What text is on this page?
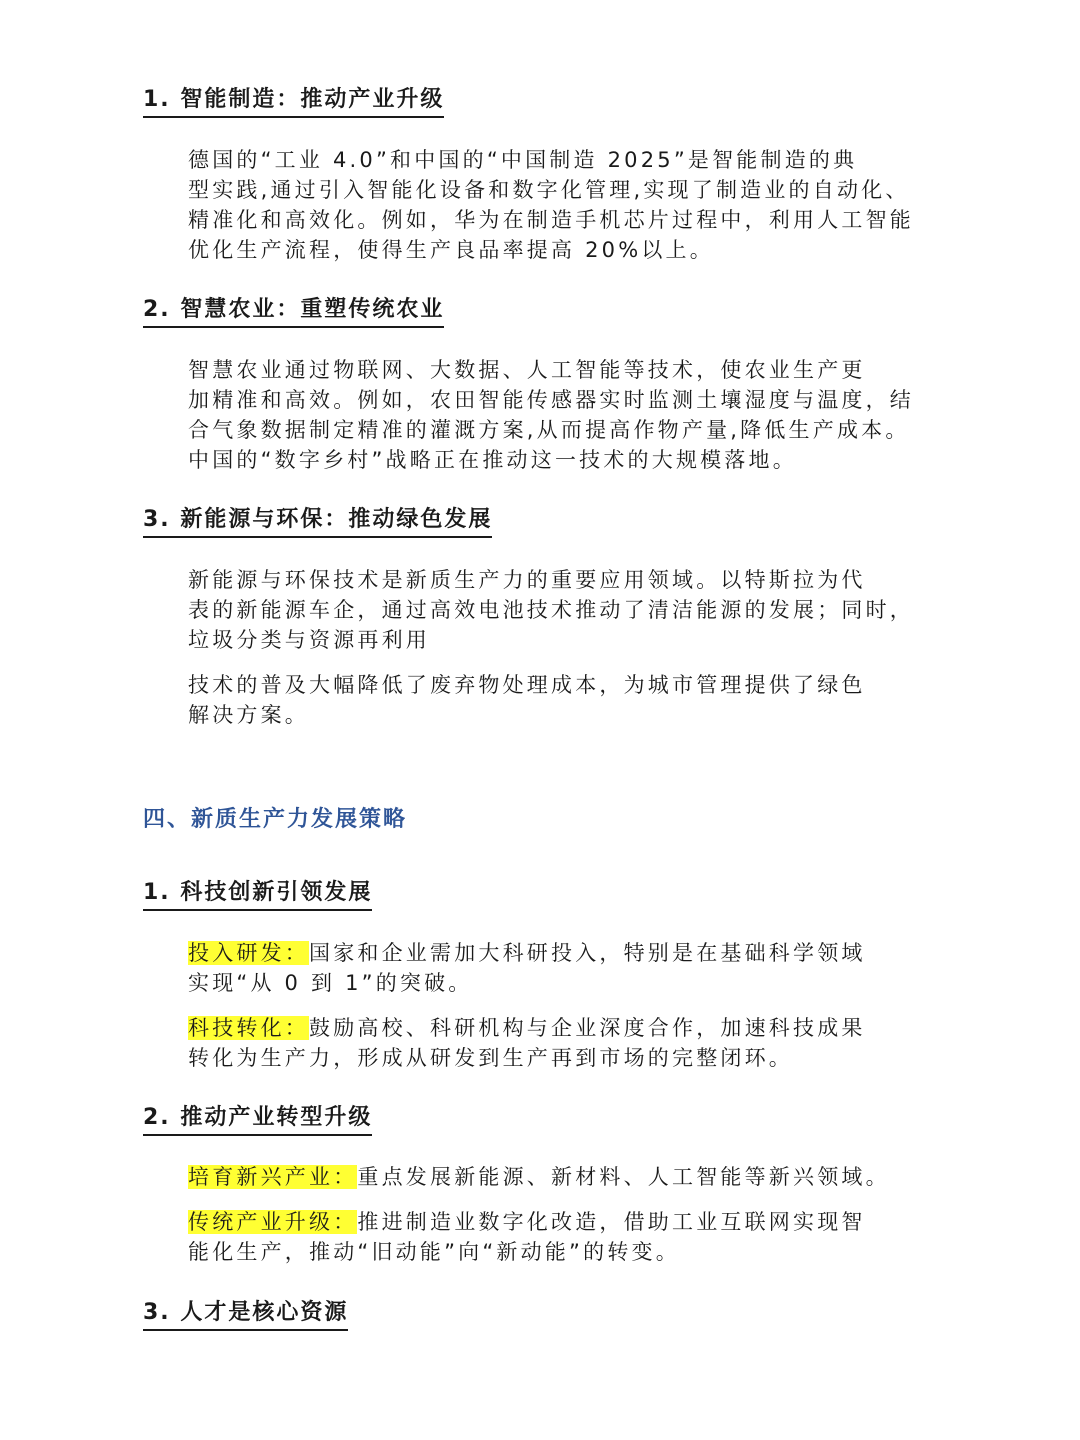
1. 智能制造：推动产业升级

德国的“工业 4.0”和中国的“中国制造 2025”是智能制造的典
型实践,通过引入智能化设备和数字化管理,实现了制造业的自动化、
精准化和高效化。例如，华为在制造手机芯片过程中，利用人工智能
优化生产流程，使得生产良品率提高 20%以上。

2. 智慧农业：重塑传统农业

智慧农业通过物联网、大数据、人工智能等技术，使农业生产更
加精准和高效。例如，农田智能传感器实时监测土壤湿度与温度，结
合气象数据制定精准的灌溉方案,从而提高作物产量,降低生产成本。
中国的“数字乡村”战略正在推动这一技术的大规模落地。

3. 新能源与环保：推动绿色发展

新能源与环保技术是新质生产力的重要应用领域。以特斯拉为代
表的新能源车企，通过高效电池技术推动了清洁能源的发展；同时，
垃圾分类与资源再利用

技术的普及大幅降低了废弃物处理成本，为城市管理提供了绿色
解决方案。

四、新质生产力发展策略
1. 科技创新引领发展

投入研发：国家和企业需加大科研投入，特别是在基础科学领域
实现“从 0 到 1”的突破。

科技转化：鼓励高校、科研机构与企业深度合作，加速科技成果
转化为生产力，形成从研发到生产再到市场的完整闭环。

2. 推动产业转型升级

培育新兴产业：重点发展新能源、新材料、人工智能等新兴领域。

传统产业升级：推进制造业数字化改造，借助工业互联网实现智
能化生产，推动“旧动能”向“新动能”的转变。

3. 人才是核心资源
